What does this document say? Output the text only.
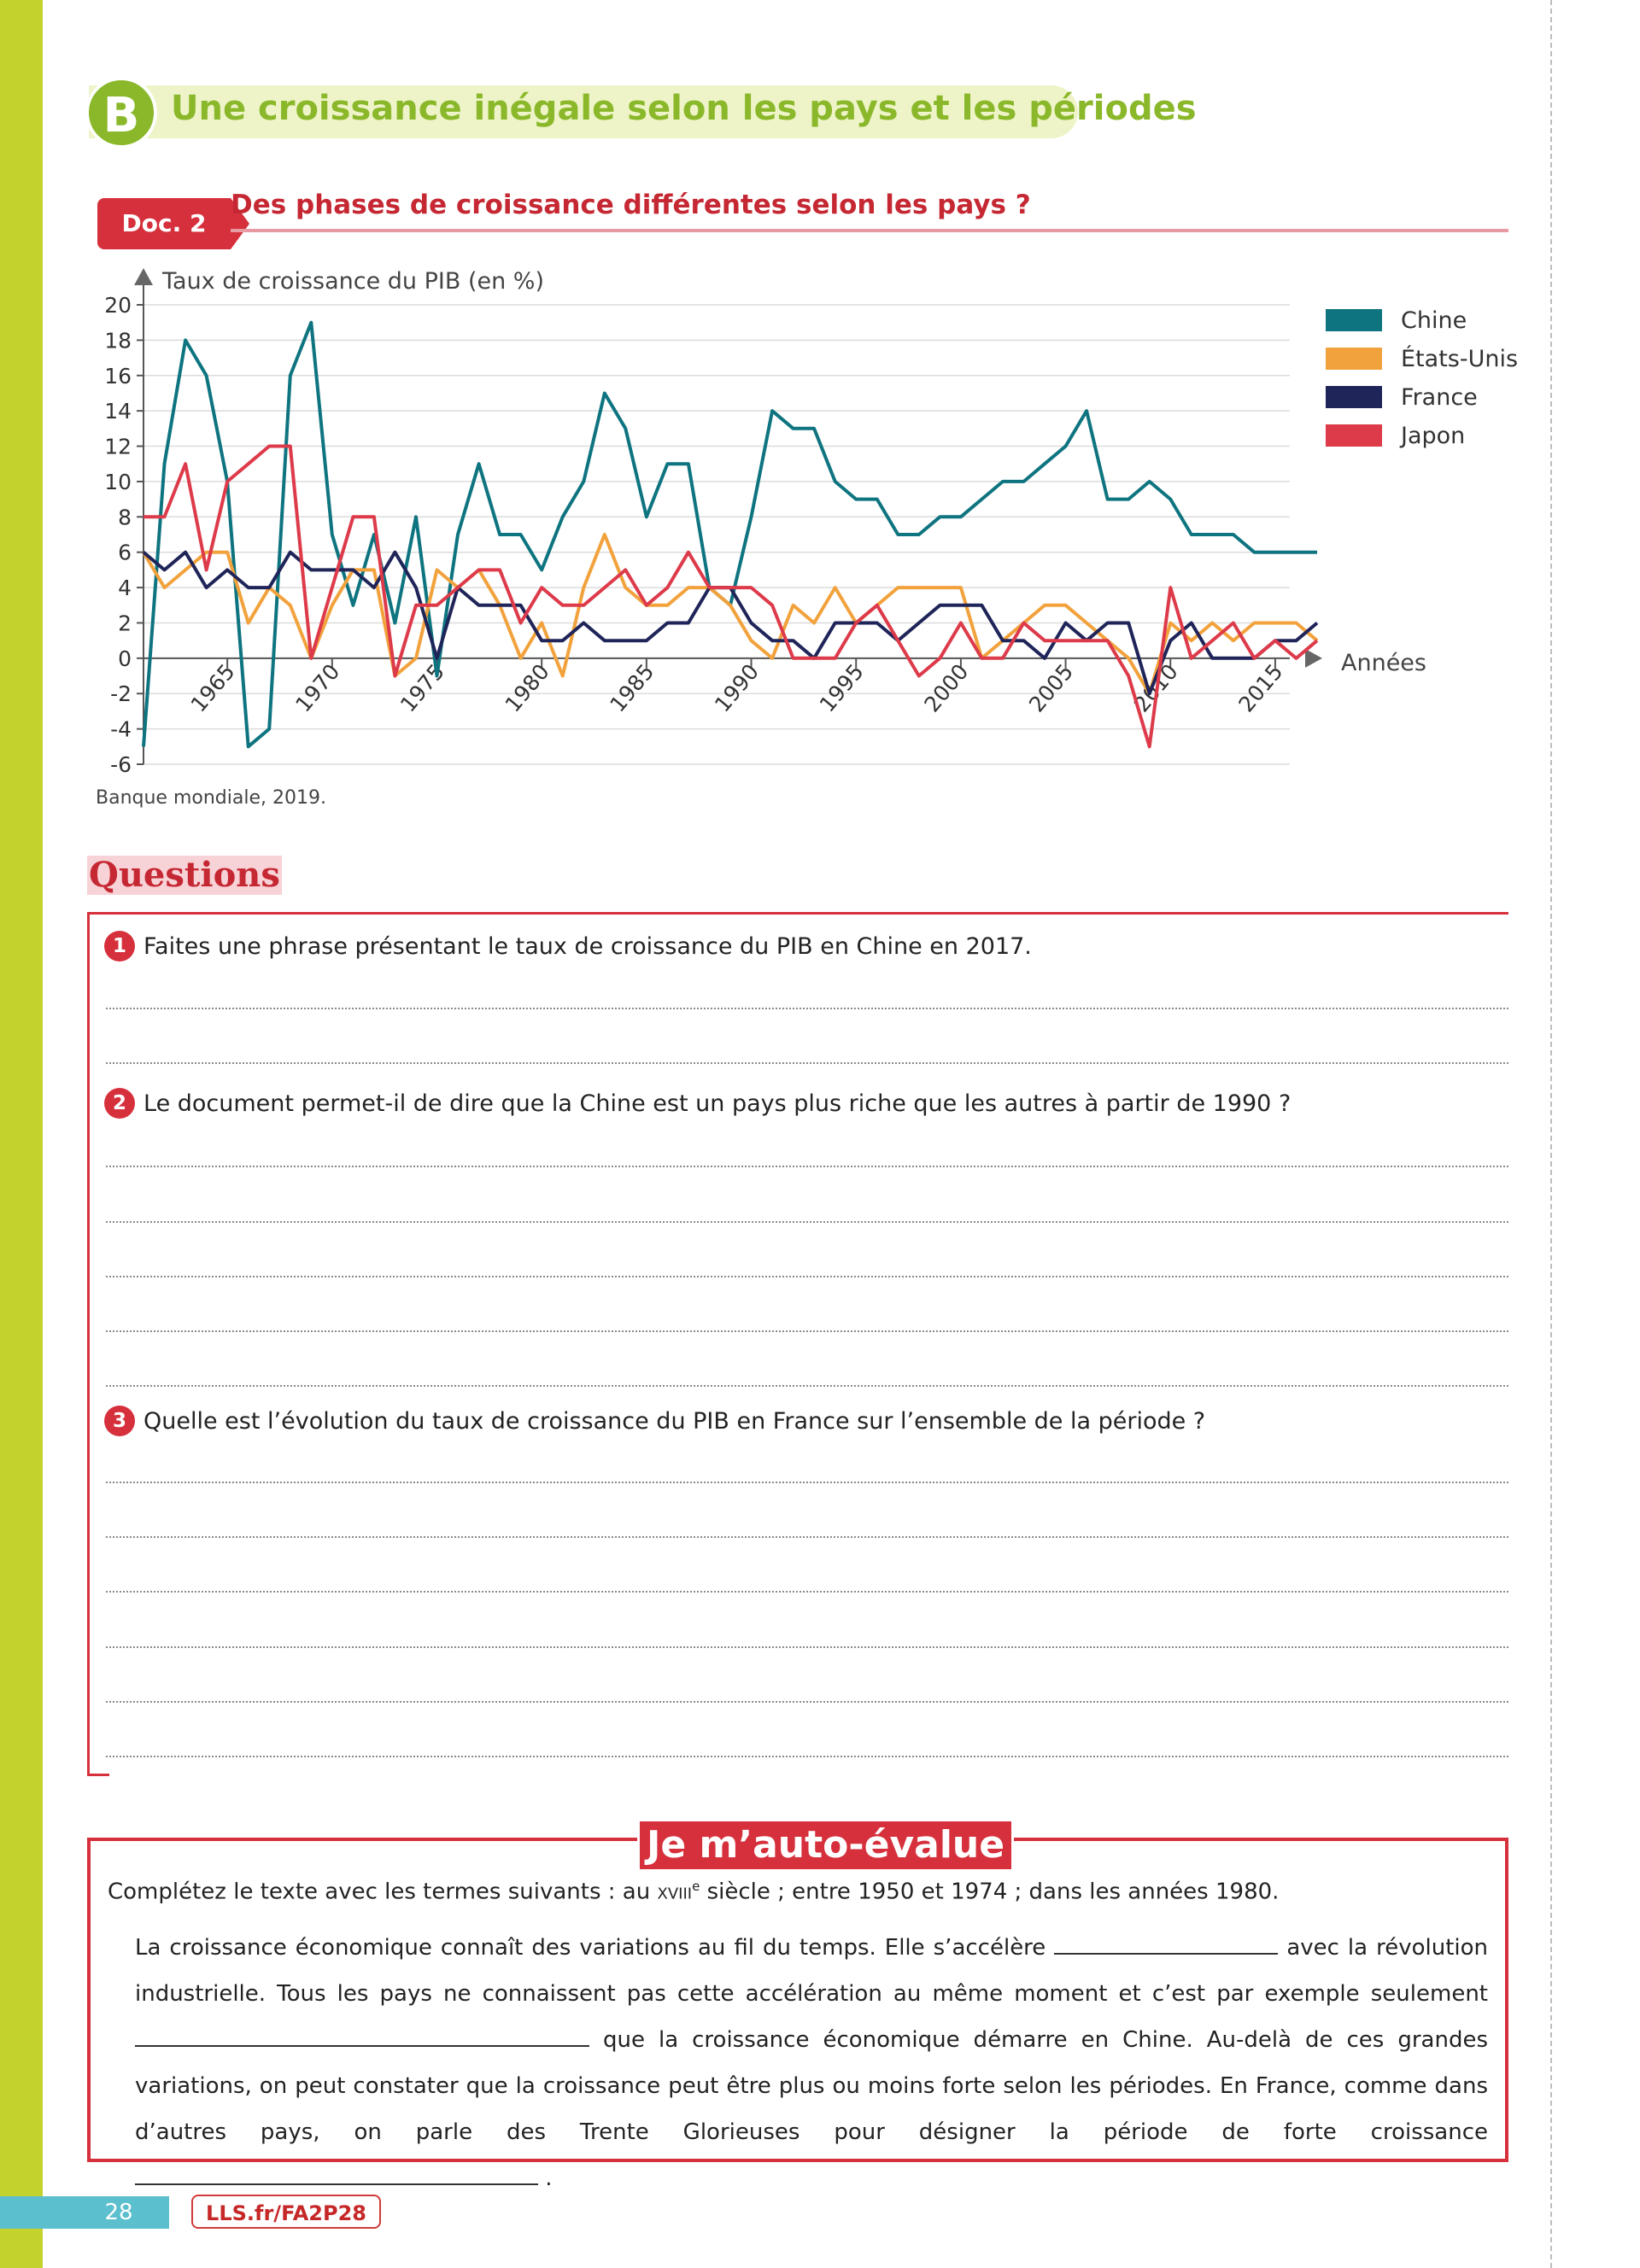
B Une croissance inégale selon les pays et les périodes
Doc. 2
Des phases de croissance différentes selon les pays ?
20
18
16
14
12
10
8
6
4
2
0
-2
-4
-6
1965 1970 1975 1980 1985 1990 1995 2000 2005 2010 2015
Chine
États-Unis
France
Japon
Taux de croissance du PIB (en %)
Années
Banque mondiale, 2019.
Questions
1 Faites une phrase présentant le taux de croissance du PIB en Chine en 2017.
2 Le document permet-il de dire que la Chine est un pays plus riche que les autres à partir de 1990 ?
3 Quelle est l’évolution du taux de croissance du PIB en France sur l’ensemble de la période ?
Je m’auto-évalue
Complétez le texte avec les termes suivants : au xviii$^e$ siècle ; entre 1950 et 1974 ; dans les années 1980.
La croissance économique connaît des variations au fil du temps. Elle s’accélère	avec la révolution industrielle. Tous les pays ne connaissent pas cette accélération au même moment et c’est par exemple seulement  que la croissance économique démarre en Chine. Au-delà de ces grandes variations, on peut constater que la croissance peut être plus ou moins forte selon les périodes. En France, comme dans d’autres pays, on parle des Trente Glorieuses pour désigner la période de forte croissance  .
28	LLS.fr/FA2P28
